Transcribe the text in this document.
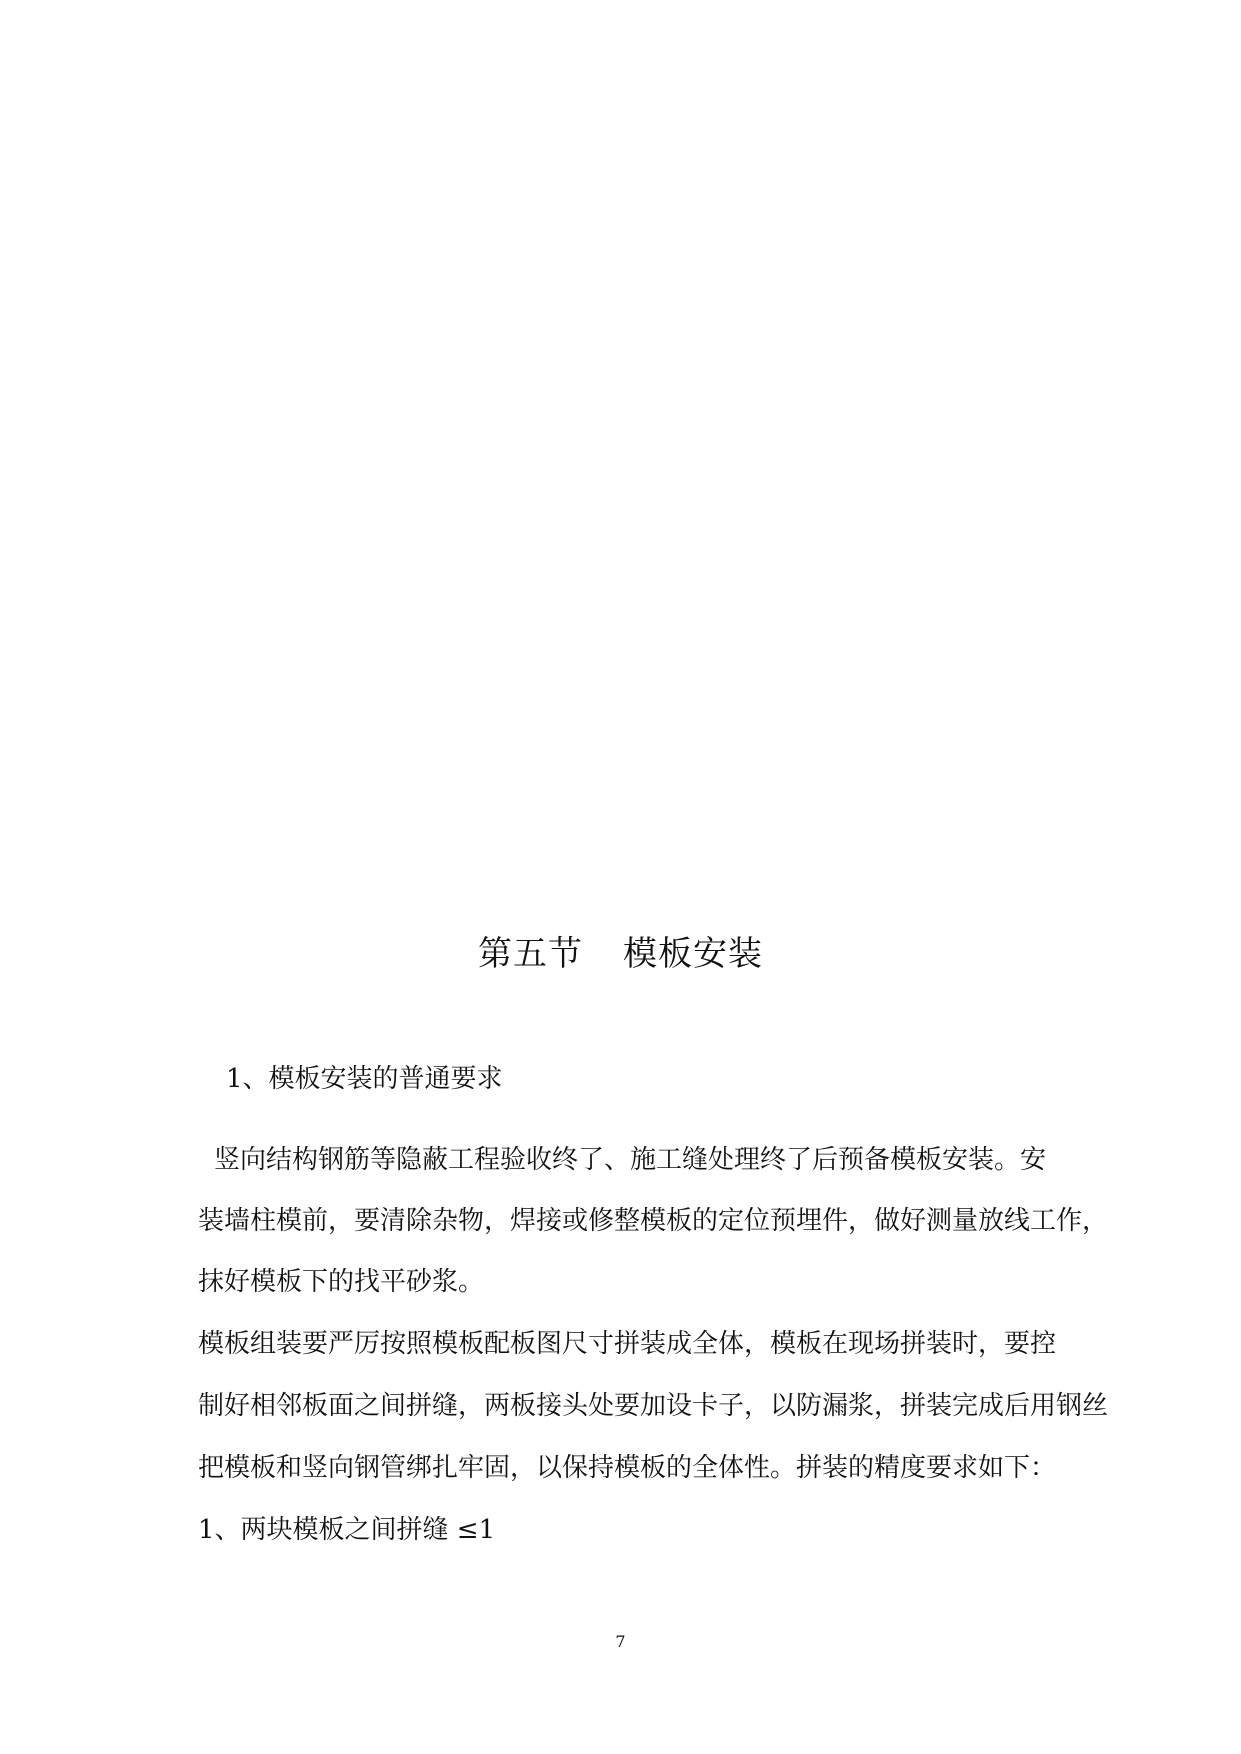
第五节 模板安装
1、模板安装的普通要求
竖向结构钢筋等隐蔽工程验收终了、施工缝处理终了后预备模板安装。安
装墙柱模前，要清除杂物，焊接或修整模板的定位预埋件，做好测量放线工作，
抹好模板下的找平砂浆。
模板组装要严厉按照模板配板图尺寸拼装成全体，模板在现场拼装时，要控
制好相邻板面之间拼缝，两板接头处要加设卡子，以防漏浆，拼装完成后用钢丝
把模板和竖向钢管绑扎牢固，以保持模板的全体性。拼装的精度要求如下：
1、两块模板之间拼缝 ≤1
7
